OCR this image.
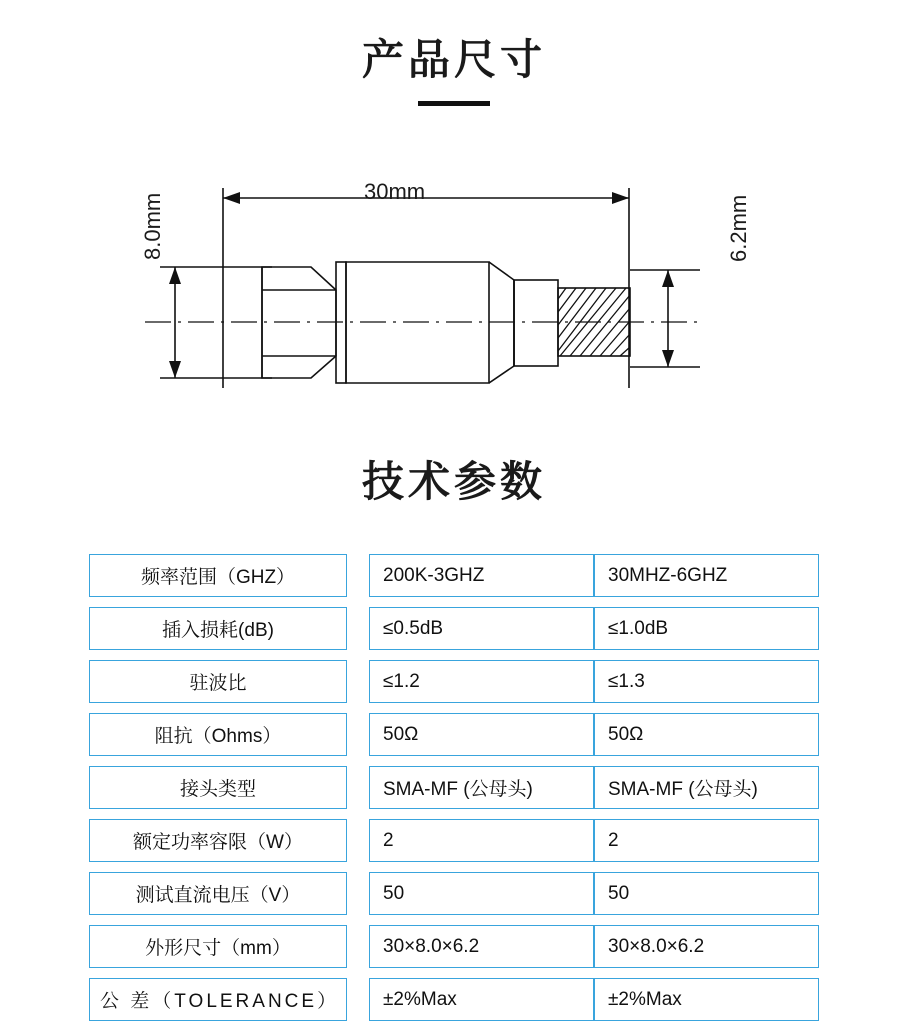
产品尺寸
30mm
8.0mm	6.2mm
技术参数
频率范围（GHZ）		200K-3GHZ	30MHZ-6GHZ
插入损耗(dB)		≤0.5dB	≤1.0dB
驻波比		≤1.2	≤1.3
阻抗（Ohms）		50Ω	50Ω
接头类型		SMA-MF (公母头)	SMA-MF (公母头)
额定功率容限（W）		2	2
测试直流电压（V）		50	50
外形尺寸（mm）		30×8.0×6.2	30×8.0×6.2
公 差（TOLERANCE）		±2%Max	±2%Max
